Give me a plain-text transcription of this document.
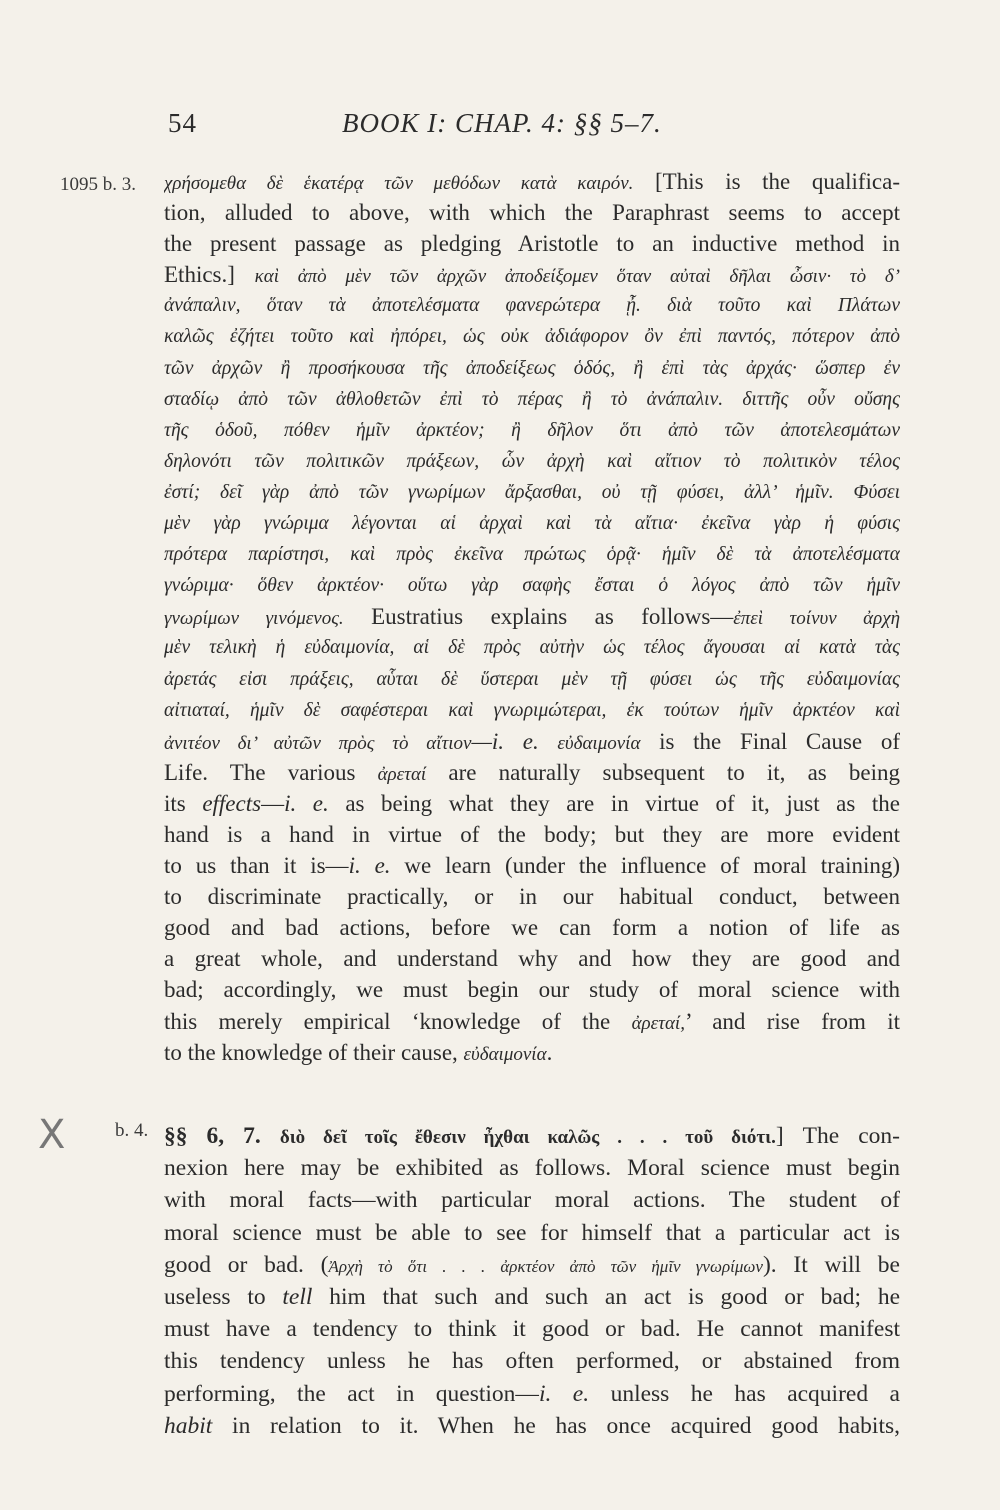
54	BOOK I: CHAP. 4: §§ 5–7.
1095 b. 3.
b. 4.
X
χρήσομεθα δὲ ἑκατέρᾳ τῶν μεθόδων κατὰ καιρόν. [This is the qualifica-
tion, alluded to above, with which the Paraphrast seems to accept
the present passage as pledging Aristotle to an inductive method in
Ethics.] καὶ ἀπὸ μὲν τῶν ἀρχῶν ἀποδείξομεν ὅταν αὐταὶ δῆλαι ὦσιν· τὸ δ’
ἀνάπαλιν, ὅταν τὰ ἀποτελέσματα φανερώτερα ᾖ. διὰ τοῦτο καὶ Πλάτων
καλῶς ἐζήτει τοῦτο καὶ ἠπόρει, ὡς οὐκ ἀδιάφορον ὂν ἐπὶ παντός, πότερον ἀπὸ
τῶν ἀρχῶν ἢ προσήκουσα τῆς ἀποδείξεως ὁδός, ἢ ἐπὶ τὰς ἀρχάς· ὥσπερ ἐν
σταδίῳ ἀπὸ τῶν ἀθλοθετῶν ἐπὶ τὸ πέρας ἢ τὸ ἀνάπαλιν. διττῆς οὖν οὔσης
τῆς ὁδοῦ, πόθεν ἡμῖν ἀρκτέον; ἢ δῆλον ὅτι ἀπὸ τῶν ἀποτελεσμάτων
δηλονότι τῶν πολιτικῶν πράξεων, ὧν ἀρχὴ καὶ αἴτιον τὸ πολιτικὸν τέλος
ἐστί; δεῖ γὰρ ἀπὸ τῶν γνωρίμων ἄρξασθαι, οὐ τῇ φύσει, ἀλλ’ ἡμῖν. Φύσει
μὲν γὰρ γνώριμα λέγονται αἱ ἀρχαὶ καὶ τὰ αἴτια· ἐκεῖνα γὰρ ἡ φύσις
πρότερα παρίστησι, καὶ πρὸς ἐκεῖνα πρώτως ὁρᾷ· ἡμῖν δὲ τὰ ἀποτελέσματα
γνώριμα· ὅθεν ἀρκτέον· οὕτω γὰρ σαφὴς ἔσται ὁ λόγος ἀπὸ τῶν ἡμῖν
γνωρίμων γινόμενος. Eustratius explains as follows—ἐπεὶ τοίνυν ἀρχὴ
μὲν τελικὴ ἡ εὐδαιμονία, αἱ δὲ πρὸς αὐτὴν ὡς τέλος ἄγουσαι αἱ κατὰ τὰς
ἀρετάς εἰσι πράξεις, αὗται δὲ ὕστεραι μὲν τῇ φύσει ὡς τῆς εὐδαιμονίας
αἰτιαταί, ἡμῖν δὲ σαφέστεραι καὶ γνωριμώτεραι, ἐκ τούτων ἡμῖν ἀρκτέον καὶ
ἀνιτέον δι’ αὐτῶν πρὸς τὸ αἴτιον—i. e. εὐδαιμονία is the Final Cause of
Life. The various ἀρεταί are naturally subsequent to it, as being
its effects—i. e. as being what they are in virtue of it, just as the
hand is a hand in virtue of the body; but they are more evident
to us than it is—i. e. we learn (under the influence of moral training)
to discriminate practically, or in our habitual conduct, between
good and bad actions, before we can form a notion of life as
a great whole, and understand why and how they are good and
bad; accordingly, we must begin our study of moral science with
this merely empirical ‘knowledge of the ἀρεταί,’ and rise from it
to the knowledge of their cause, εὐδαιμονία.
§§ 6, 7. διὸ δεῖ τοῖς ἔθεσιν ἦχθαι καλῶς . . . τοῦ διότι.] The con-
nexion here may be exhibited as follows. Moral science must begin
with moral facts—with particular moral actions. The student of
moral science must be able to see for himself that a particular act is
good or bad. (Ἀρχὴ τὸ ὅτι . . . ἀρκτέον ἀπὸ τῶν ἡμῖν γνωρίμων). It will be
useless to tell him that such and such an act is good or bad; he
must have a tendency to think it good or bad. He cannot manifest
this tendency unless he has often performed, or abstained from
performing, the act in question—i. e. unless he has acquired a
habit in relation to it. When he has once acquired good habits,
